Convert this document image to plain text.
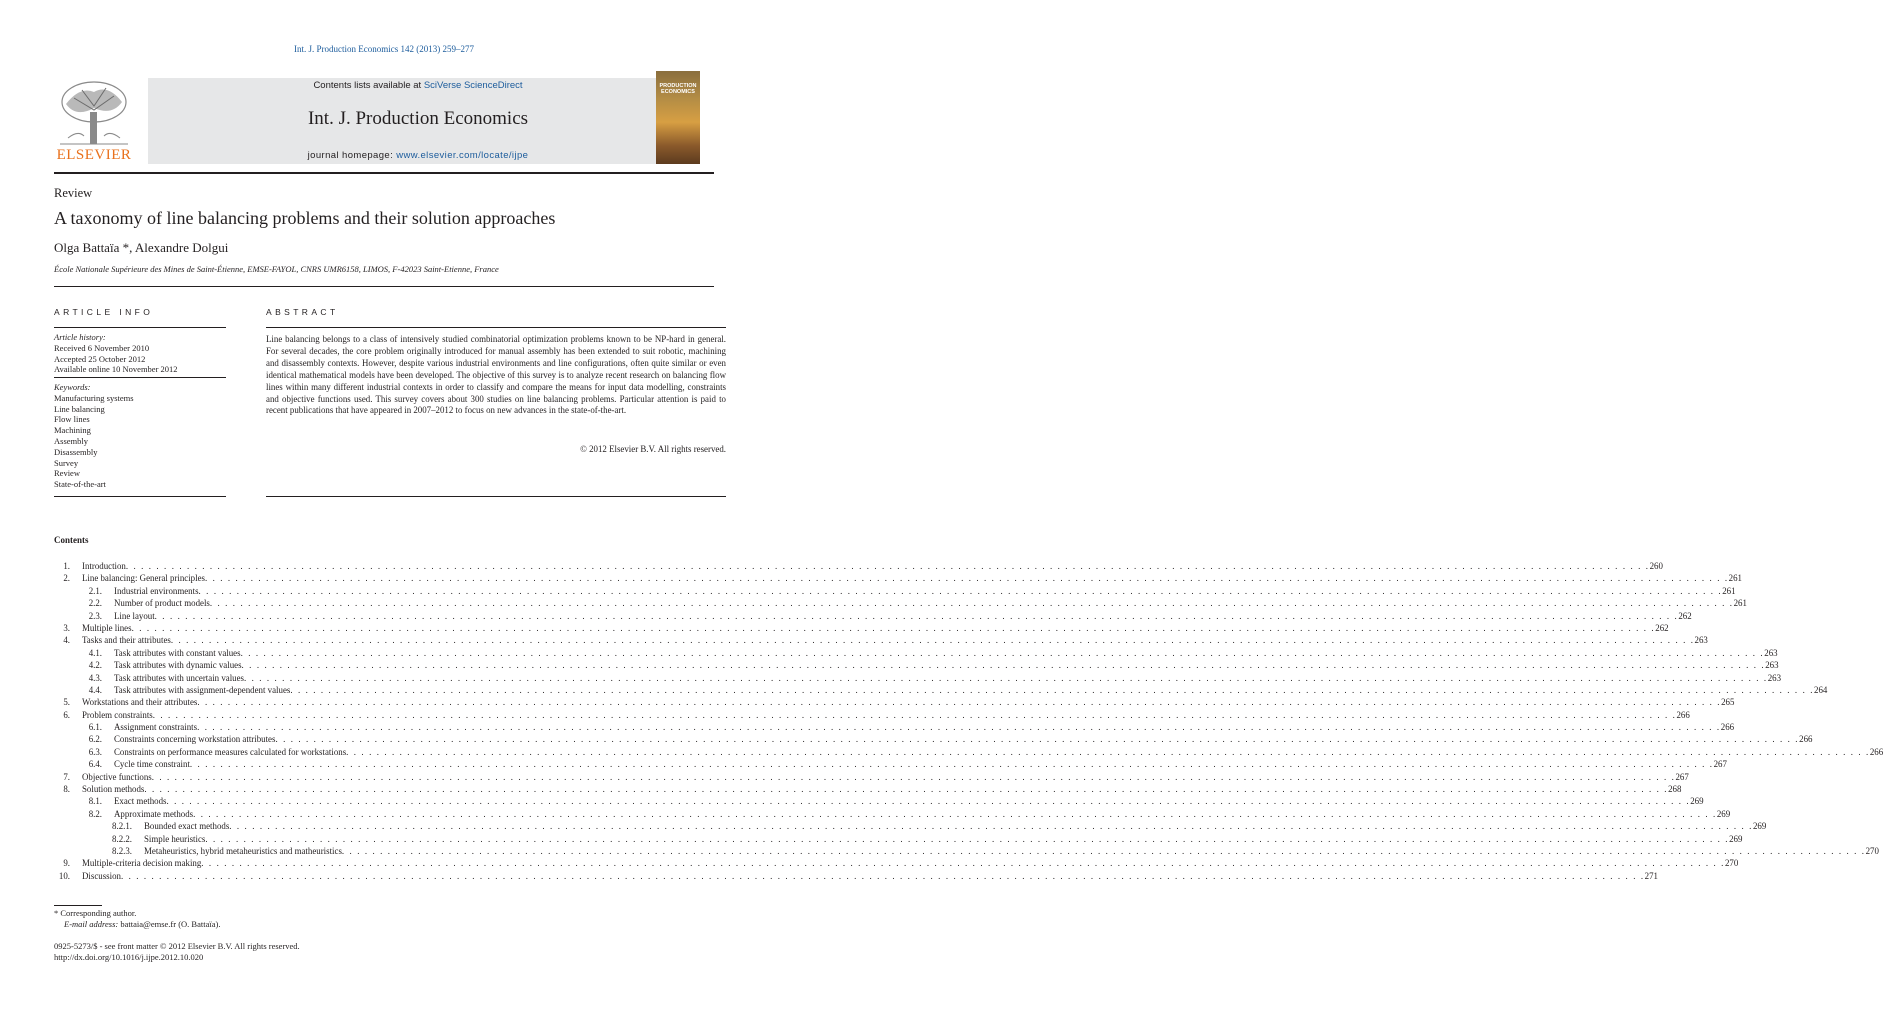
Int. J. Production Economics 142 (2013) 259–277
ELSEVIER
Contents lists available at SciVerse ScienceDirect
Int. J. Production Economics
journal homepage: www.elsevier.com/locate/ijpe
PRODUCTION ECONOMICS
Review
A taxonomy of line balancing problems and their solution approaches
Olga Battaïa *, Alexandre Dolgui
École Nationale Supérieure des Mines de Saint-Étienne, EMSE-FAYOL, CNRS UMR6158, LIMOS, F-42023 Saint-Etienne, France
ARTICLE INFO	ABSTRACT
Article history:
Received 6 November 2010
Accepted 25 October 2012
Available online 10 November 2012
Keywords:
Manufacturing systems
Line balancing
Flow lines
Machining
Assembly
Disassembly
Survey
Review
State-of-the-art
Line balancing belongs to a class of intensively studied combinatorial optimization problems known to be NP-hard in general. For several decades, the core problem originally introduced for manual assembly has been extended to suit robotic, machining and disassembly contexts. However, despite various industrial environments and line configurations, often quite similar or even identical mathematical models have been developed. The objective of this survey is to analyze recent research on balancing flow lines within many different industrial contexts in order to classify and compare the means for input data modelling, constraints and objective functions used. This survey covers about 300 studies on line balancing problems. Particular attention is paid to recent publications that have appeared in 2007–2012 to focus on new advances in the state-of-the-art.
© 2012 Elsevier B.V. All rights reserved.
Contents
1.	Introduction . . . . . . . . . . . . . . . . . . . . . . . . . . . . . . . . . . . . . . . . . . . . . . . . . . . . . . . . . . . . . . . . . . . . . . . . . . . . . . . . . . . . . . . . . . . . . . . . . . . . . . . . . . . . . . . . . . . . . . . . . . . . . . . . . . . . . . . . . . . . . . . . . . . . . . . . . . . . . . . . . . . . . . . . . . . . . . . . . . . . . . . . . . . . . . . . . . . . . . . . 260
2.	Line balancing: General principles . . . . . . . . . . . . . . . . . . . . . . . . . . . . . . . . . . . . . . . . . . . . . . . . . . . . . . . . . . . . . . . . . . . . . . . . . . . . . . . . . . . . . . . . . . . . . . . . . . . . . . . . . . . . . . . . . . . . . . . . . . . . . . . . . . . . . . . . . . . . . . . . . . . . . . . . . . . . . . . . . . . . . . . . . . . . . . . . . . . . . . . . . . . . . . . . . . . . . . . . 261
2.1.	Industrial environments . . . . . . . . . . . . . . . . . . . . . . . . . . . . . . . . . . . . . . . . . . . . . . . . . . . . . . . . . . . . . . . . . . . . . . . . . . . . . . . . . . . . . . . . . . . . . . . . . . . . . . . . . . . . . . . . . . . . . . . . . . . . . . . . . . . . . . . . . . . . . . . . . . . . . . . . . . . . . . . . . . . . . . . . . . . . . . . . . . . . . . . . . . . . . . . . . . . . . . . . 261
2.2.	Number of product models . . . . . . . . . . . . . . . . . . . . . . . . . . . . . . . . . . . . . . . . . . . . . . . . . . . . . . . . . . . . . . . . . . . . . . . . . . . . . . . . . . . . . . . . . . . . . . . . . . . . . . . . . . . . . . . . . . . . . . . . . . . . . . . . . . . . . . . . . . . . . . . . . . . . . . . . . . . . . . . . . . . . . . . . . . . . . . . . . . . . . . . . . . . . . . . . . . . . . . . . 261
2.3.	Line layout . . . . . . . . . . . . . . . . . . . . . . . . . . . . . . . . . . . . . . . . . . . . . . . . . . . . . . . . . . . . . . . . . . . . . . . . . . . . . . . . . . . . . . . . . . . . . . . . . . . . . . . . . . . . . . . . . . . . . . . . . . . . . . . . . . . . . . . . . . . . . . . . . . . . . . . . . . . . . . . . . . . . . . . . . . . . . . . . . . . . . . . . . . . . . . . . . . . . . . . . 262
3.	Multiple lines . . . . . . . . . . . . . . . . . . . . . . . . . . . . . . . . . . . . . . . . . . . . . . . . . . . . . . . . . . . . . . . . . . . . . . . . . . . . . . . . . . . . . . . . . . . . . . . . . . . . . . . . . . . . . . . . . . . . . . . . . . . . . . . . . . . . . . . . . . . . . . . . . . . . . . . . . . . . . . . . . . . . . . . . . . . . . . . . . . . . . . . . . . . . . . . . . . . . . . . . 262
4.	Tasks and their attributes . . . . . . . . . . . . . . . . . . . . . . . . . . . . . . . . . . . . . . . . . . . . . . . . . . . . . . . . . . . . . . . . . . . . . . . . . . . . . . . . . . . . . . . . . . . . . . . . . . . . . . . . . . . . . . . . . . . . . . . . . . . . . . . . . . . . . . . . . . . . . . . . . . . . . . . . . . . . . . . . . . . . . . . . . . . . . . . . . . . . . . . . . . . . . . . . . . . . . . . . 263
4.1.	Task attributes with constant values . . . . . . . . . . . . . . . . . . . . . . . . . . . . . . . . . . . . . . . . . . . . . . . . . . . . . . . . . . . . . . . . . . . . . . . . . . . . . . . . . . . . . . . . . . . . . . . . . . . . . . . . . . . . . . . . . . . . . . . . . . . . . . . . . . . . . . . . . . . . . . . . . . . . . . . . . . . . . . . . . . . . . . . . . . . . . . . . . . . . . . . . . . . . . . . . . . . . . . . . 263
4.2.	Task attributes with dynamic values . . . . . . . . . . . . . . . . . . . . . . . . . . . . . . . . . . . . . . . . . . . . . . . . . . . . . . . . . . . . . . . . . . . . . . . . . . . . . . . . . . . . . . . . . . . . . . . . . . . . . . . . . . . . . . . . . . . . . . . . . . . . . . . . . . . . . . . . . . . . . . . . . . . . . . . . . . . . . . . . . . . . . . . . . . . . . . . . . . . . . . . . . . . . . . . . . . . . . . . . 263
4.3.	Task attributes with uncertain values . . . . . . . . . . . . . . . . . . . . . . . . . . . . . . . . . . . . . . . . . . . . . . . . . . . . . . . . . . . . . . . . . . . . . . . . . . . . . . . . . . . . . . . . . . . . . . . . . . . . . . . . . . . . . . . . . . . . . . . . . . . . . . . . . . . . . . . . . . . . . . . . . . . . . . . . . . . . . . . . . . . . . . . . . . . . . . . . . . . . . . . . . . . . . . . . . . . . . . . . 263
4.4.	Task attributes with assignment-dependent values . . . . . . . . . . . . . . . . . . . . . . . . . . . . . . . . . . . . . . . . . . . . . . . . . . . . . . . . . . . . . . . . . . . . . . . . . . . . . . . . . . . . . . . . . . . . . . . . . . . . . . . . . . . . . . . . . . . . . . . . . . . . . . . . . . . . . . . . . . . . . . . . . . . . . . . . . . . . . . . . . . . . . . . . . . . . . . . . . . . . . . . . . . . . . . . . . . . . . . . . 264
5.	Workstations and their attributes . . . . . . . . . . . . . . . . . . . . . . . . . . . . . . . . . . . . . . . . . . . . . . . . . . . . . . . . . . . . . . . . . . . . . . . . . . . . . . . . . . . . . . . . . . . . . . . . . . . . . . . . . . . . . . . . . . . . . . . . . . . . . . . . . . . . . . . . . . . . . . . . . . . . . . . . . . . . . . . . . . . . . . . . . . . . . . . . . . . . . . . . . . . . . . . . . . . . . . . . 265
6.	Problem constraints . . . . . . . . . . . . . . . . . . . . . . . . . . . . . . . . . . . . . . . . . . . . . . . . . . . . . . . . . . . . . . . . . . . . . . . . . . . . . . . . . . . . . . . . . . . . . . . . . . . . . . . . . . . . . . . . . . . . . . . . . . . . . . . . . . . . . . . . . . . . . . . . . . . . . . . . . . . . . . . . . . . . . . . . . . . . . . . . . . . . . . . . . . . . . . . . . . . . . . . . 266
6.1.	Assignment constraints . . . . . . . . . . . . . . . . . . . . . . . . . . . . . . . . . . . . . . . . . . . . . . . . . . . . . . . . . . . . . . . . . . . . . . . . . . . . . . . . . . . . . . . . . . . . . . . . . . . . . . . . . . . . . . . . . . . . . . . . . . . . . . . . . . . . . . . . . . . . . . . . . . . . . . . . . . . . . . . . . . . . . . . . . . . . . . . . . . . . . . . . . . . . . . . . . . . . . . . . 266
6.2.	Constraints concerning workstation attributes . . . . . . . . . . . . . . . . . . . . . . . . . . . . . . . . . . . . . . . . . . . . . . . . . . . . . . . . . . . . . . . . . . . . . . . . . . . . . . . . . . . . . . . . . . . . . . . . . . . . . . . . . . . . . . . . . . . . . . . . . . . . . . . . . . . . . . . . . . . . . . . . . . . . . . . . . . . . . . . . . . . . . . . . . . . . . . . . . . . . . . . . . . . . . . . . . . . . . . . . 266
6.3.	Constraints on performance measures calculated for workstations . . . . . . . . . . . . . . . . . . . . . . . . . . . . . . . . . . . . . . . . . . . . . . . . . . . . . . . . . . . . . . . . . . . . . . . . . . . . . . . . . . . . . . . . . . . . . . . . . . . . . . . . . . . . . . . . . . . . . . . . . . . . . . . . . . . . . . . . . . . . . . . . . . . . . . . . . . . . . . . . . . . . . . . . . . . . . . . . . . . . . . . . . . . . . . . . . . . . . . . . 266
6.4.	Cycle time constraint . . . . . . . . . . . . . . . . . . . . . . . . . . . . . . . . . . . . . . . . . . . . . . . . . . . . . . . . . . . . . . . . . . . . . . . . . . . . . . . . . . . . . . . . . . . . . . . . . . . . . . . . . . . . . . . . . . . . . . . . . . . . . . . . . . . . . . . . . . . . . . . . . . . . . . . . . . . . . . . . . . . . . . . . . . . . . . . . . . . . . . . . . . . . . . . . . . . . . . . . 267
7.	Objective functions . . . . . . . . . . . . . . . . . . . . . . . . . . . . . . . . . . . . . . . . . . . . . . . . . . . . . . . . . . . . . . . . . . . . . . . . . . . . . . . . . . . . . . . . . . . . . . . . . . . . . . . . . . . . . . . . . . . . . . . . . . . . . . . . . . . . . . . . . . . . . . . . . . . . . . . . . . . . . . . . . . . . . . . . . . . . . . . . . . . . . . . . . . . . . . . . . . . . . . . . 267
8.	Solution methods . . . . . . . . . . . . . . . . . . . . . . . . . . . . . . . . . . . . . . . . . . . . . . . . . . . . . . . . . . . . . . . . . . . . . . . . . . . . . . . . . . . . . . . . . . . . . . . . . . . . . . . . . . . . . . . . . . . . . . . . . . . . . . . . . . . . . . . . . . . . . . . . . . . . . . . . . . . . . . . . . . . . . . . . . . . . . . . . . . . . . . . . . . . . . . . . . . . . . . . . 268
8.1.	Exact methods . . . . . . . . . . . . . . . . . . . . . . . . . . . . . . . . . . . . . . . . . . . . . . . . . . . . . . . . . . . . . . . . . . . . . . . . . . . . . . . . . . . . . . . . . . . . . . . . . . . . . . . . . . . . . . . . . . . . . . . . . . . . . . . . . . . . . . . . . . . . . . . . . . . . . . . . . . . . . . . . . . . . . . . . . . . . . . . . . . . . . . . . . . . . . . . . . . . . . . . . 269
8.2.	Approximate methods . . . . . . . . . . . . . . . . . . . . . . . . . . . . . . . . . . . . . . . . . . . . . . . . . . . . . . . . . . . . . . . . . . . . . . . . . . . . . . . . . . . . . . . . . . . . . . . . . . . . . . . . . . . . . . . . . . . . . . . . . . . . . . . . . . . . . . . . . . . . . . . . . . . . . . . . . . . . . . . . . . . . . . . . . . . . . . . . . . . . . . . . . . . . . . . . . . . . . . . . 269
8.2.1.	Bounded exact methods . . . . . . . . . . . . . . . . . . . . . . . . . . . . . . . . . . . . . . . . . . . . . . . . . . . . . . . . . . . . . . . . . . . . . . . . . . . . . . . . . . . . . . . . . . . . . . . . . . . . . . . . . . . . . . . . . . . . . . . . . . . . . . . . . . . . . . . . . . . . . . . . . . . . . . . . . . . . . . . . . . . . . . . . . . . . . . . . . . . . . . . . . . . . . . . . . . . . . . . . 269
8.2.2.	Simple heuristics . . . . . . . . . . . . . . . . . . . . . . . . . . . . . . . . . . . . . . . . . . . . . . . . . . . . . . . . . . . . . . . . . . . . . . . . . . . . . . . . . . . . . . . . . . . . . . . . . . . . . . . . . . . . . . . . . . . . . . . . . . . . . . . . . . . . . . . . . . . . . . . . . . . . . . . . . . . . . . . . . . . . . . . . . . . . . . . . . . . . . . . . . . . . . . . . . . . . . . . . 269
8.2.3.	Metaheuristics, hybrid metaheuristics and matheuristics . . . . . . . . . . . . . . . . . . . . . . . . . . . . . . . . . . . . . . . . . . . . . . . . . . . . . . . . . . . . . . . . . . . . . . . . . . . . . . . . . . . . . . . . . . . . . . . . . . . . . . . . . . . . . . . . . . . . . . . . . . . . . . . . . . . . . . . . . . . . . . . . . . . . . . . . . . . . . . . . . . . . . . . . . . . . . . . . . . . . . . . . . . . . . . . . . . . . . . . . 270
9.	Multiple-criteria decision making . . . . . . . . . . . . . . . . . . . . . . . . . . . . . . . . . . . . . . . . . . . . . . . . . . . . . . . . . . . . . . . . . . . . . . . . . . . . . . . . . . . . . . . . . . . . . . . . . . . . . . . . . . . . . . . . . . . . . . . . . . . . . . . . . . . . . . . . . . . . . . . . . . . . . . . . . . . . . . . . . . . . . . . . . . . . . . . . . . . . . . . . . . . . . . . . . . . . . . . . 270
10.	Discussion . . . . . . . . . . . . . . . . . . . . . . . . . . . . . . . . . . . . . . . . . . . . . . . . . . . . . . . . . . . . . . . . . . . . . . . . . . . . . . . . . . . . . . . . . . . . . . . . . . . . . . . . . . . . . . . . . . . . . . . . . . . . . . . . . . . . . . . . . . . . . . . . . . . . . . . . . . . . . . . . . . . . . . . . . . . . . . . . . . . . . . . . . . . . . . . . . . . . . . . . 271
* Corresponding author.
E-mail address: battaia@emse.fr (O. Battaïa).
0925-5273/$ - see front matter © 2012 Elsevier B.V. All rights reserved.
http://dx.doi.org/10.1016/j.ijpe.2012.10.020
